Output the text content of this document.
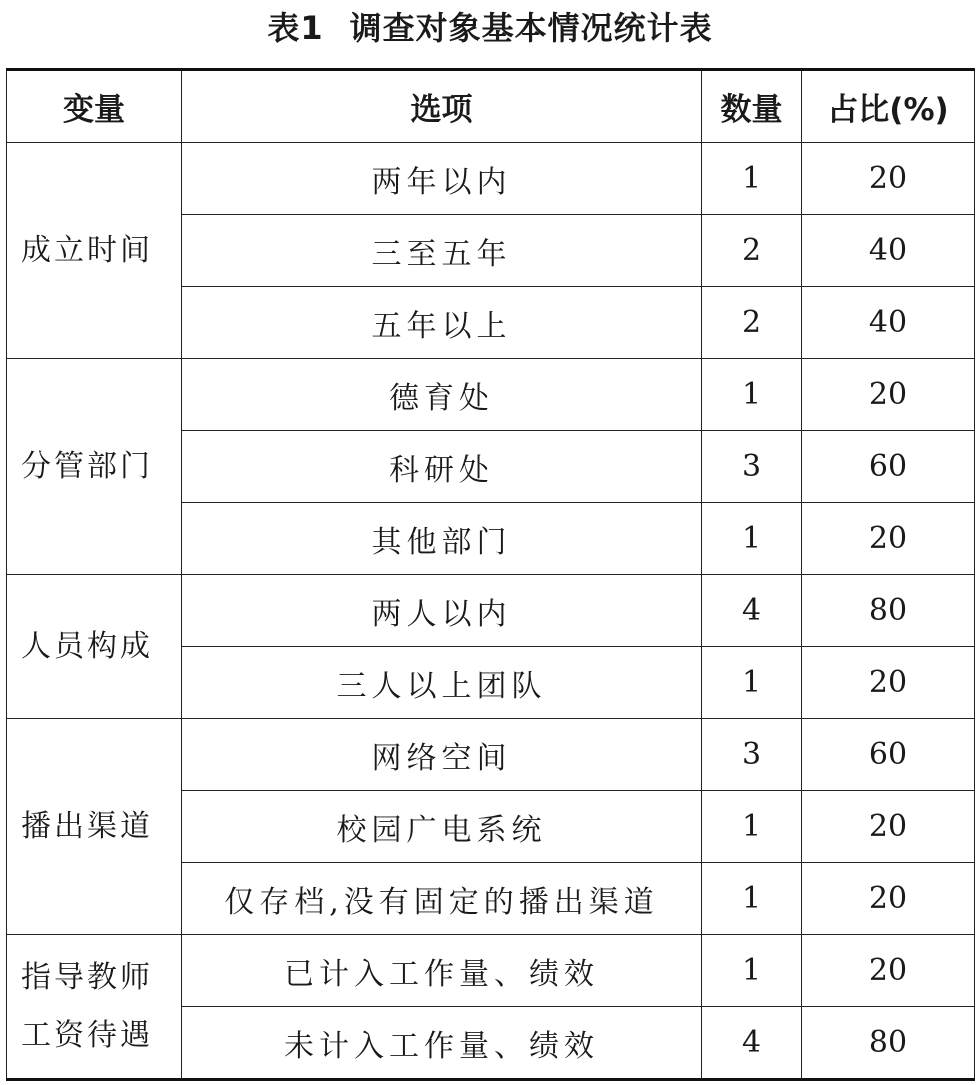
表1 调查对象基本情况统计表
变量	选项	数量	占比(%)
成立时间	两年以内	1	20
	三至五年	2	40
	五年以上	2	40
分管部门	德育处	1	20
	科研处	3	60
	其他部门	1	20
人员构成	两人以内	4	80
	三人以上团队	1	20
播出渠道	网络空间	3	60
	校园广电系统	1	20
	仅存档,没有固定的播出渠道	1	20
指导教师工资待遇	已计入工作量、绩效	1	20
	未计入工作量、绩效	4	80
